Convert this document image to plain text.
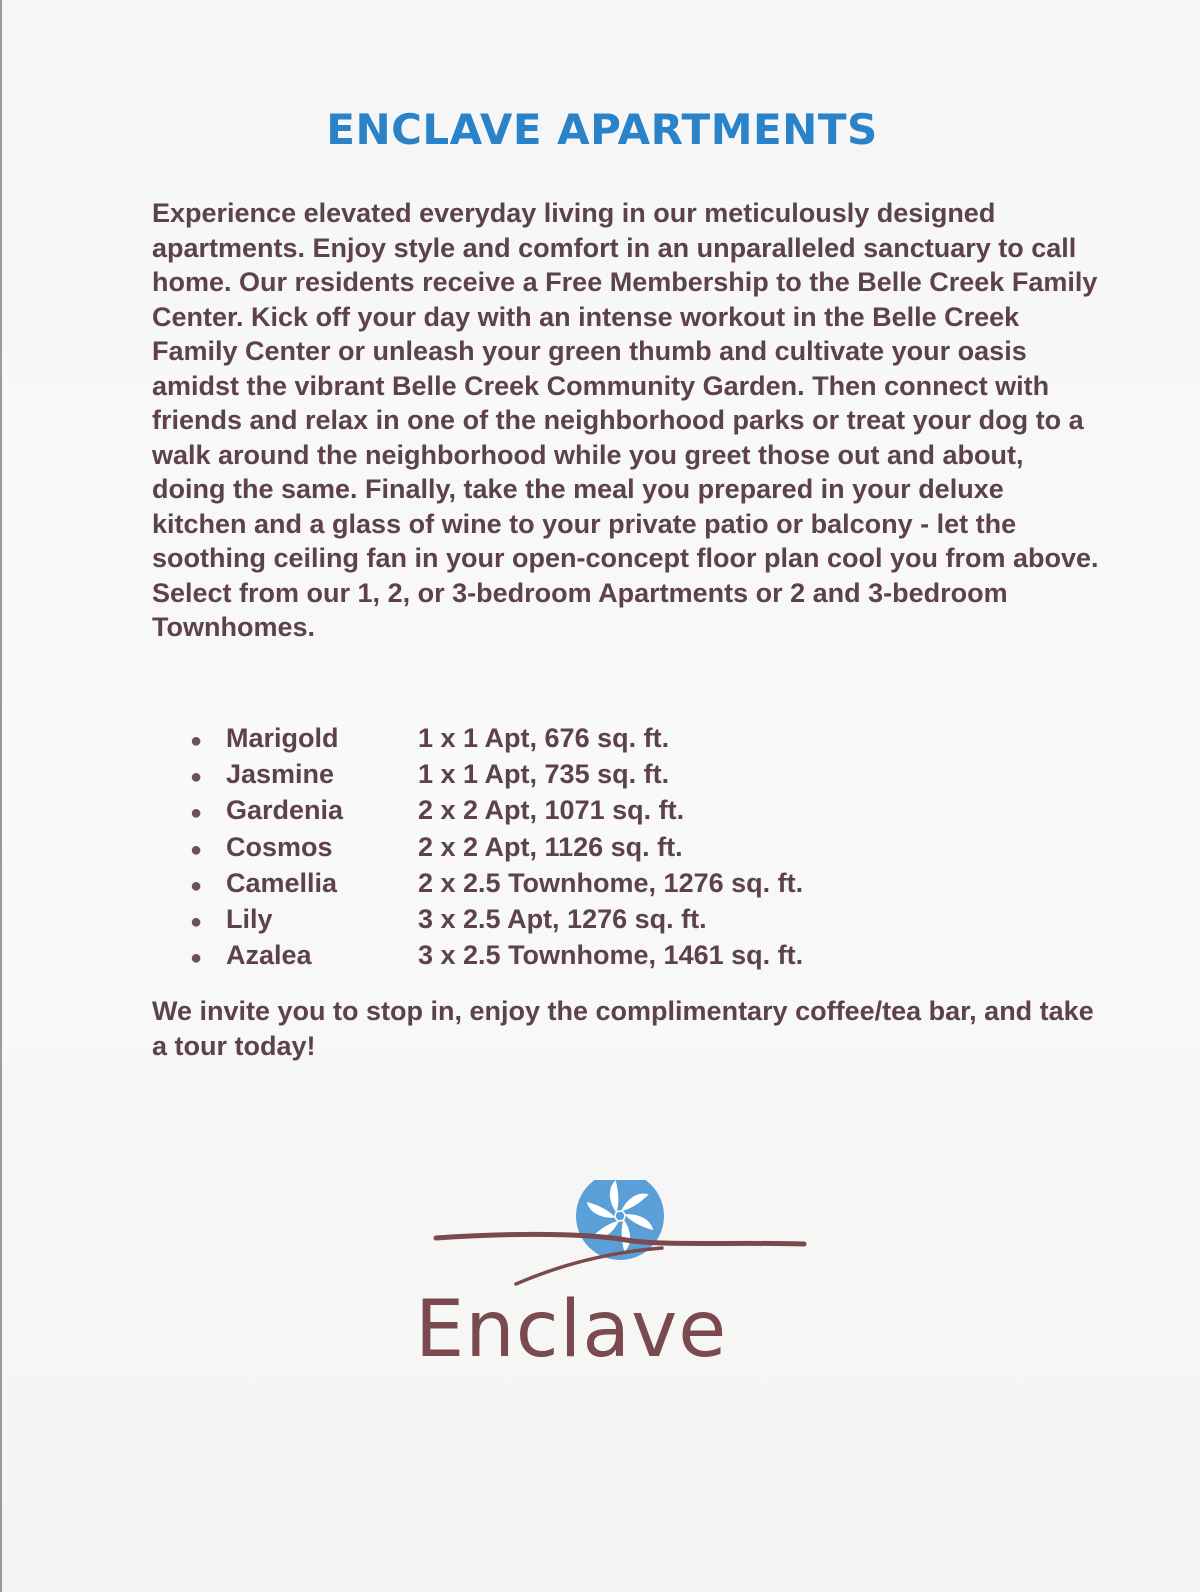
ENCLAVE APARTMENTS

Experience elevated everyday living in our meticulously designed apartments. Enjoy style and comfort in an unparalleled sanctuary to call home. Our residents receive a Free Membership to the Belle Creek Family Center. Kick off your day with an intense workout in the Belle Creek Family Center or unleash your green thumb and cultivate your oasis amidst the vibrant Belle Creek Community Garden. Then connect with friends and relax in one of the neighborhood parks or treat your dog to a walk around the neighborhood while you greet those out and about, doing the same. Finally, take the meal you prepared in your deluxe kitchen and a glass of wine to your private patio or balcony - let the soothing ceiling fan in your open-concept floor plan cool you from above. Select from our 1, 2, or 3-bedroom Apartments or 2 and 3-bedroom Townhomes.

● Marigold	1 x 1 Apt, 676 sq. ft.
● Jasmine	1 x 1 Apt, 735 sq. ft.
● Gardenia	2 x 2 Apt, 1071 sq. ft.
● Cosmos	2 x 2 Apt, 1126 sq. ft.
● Camellia	2 x 2.5 Townhome, 1276 sq. ft.
● Lily	3 x 2.5 Apt, 1276 sq. ft.
● Azalea	3 x 2.5 Townhome, 1461 sq. ft.

We invite you to stop in, enjoy the complimentary coffee/tea bar, and take a tour today!

Enclave
